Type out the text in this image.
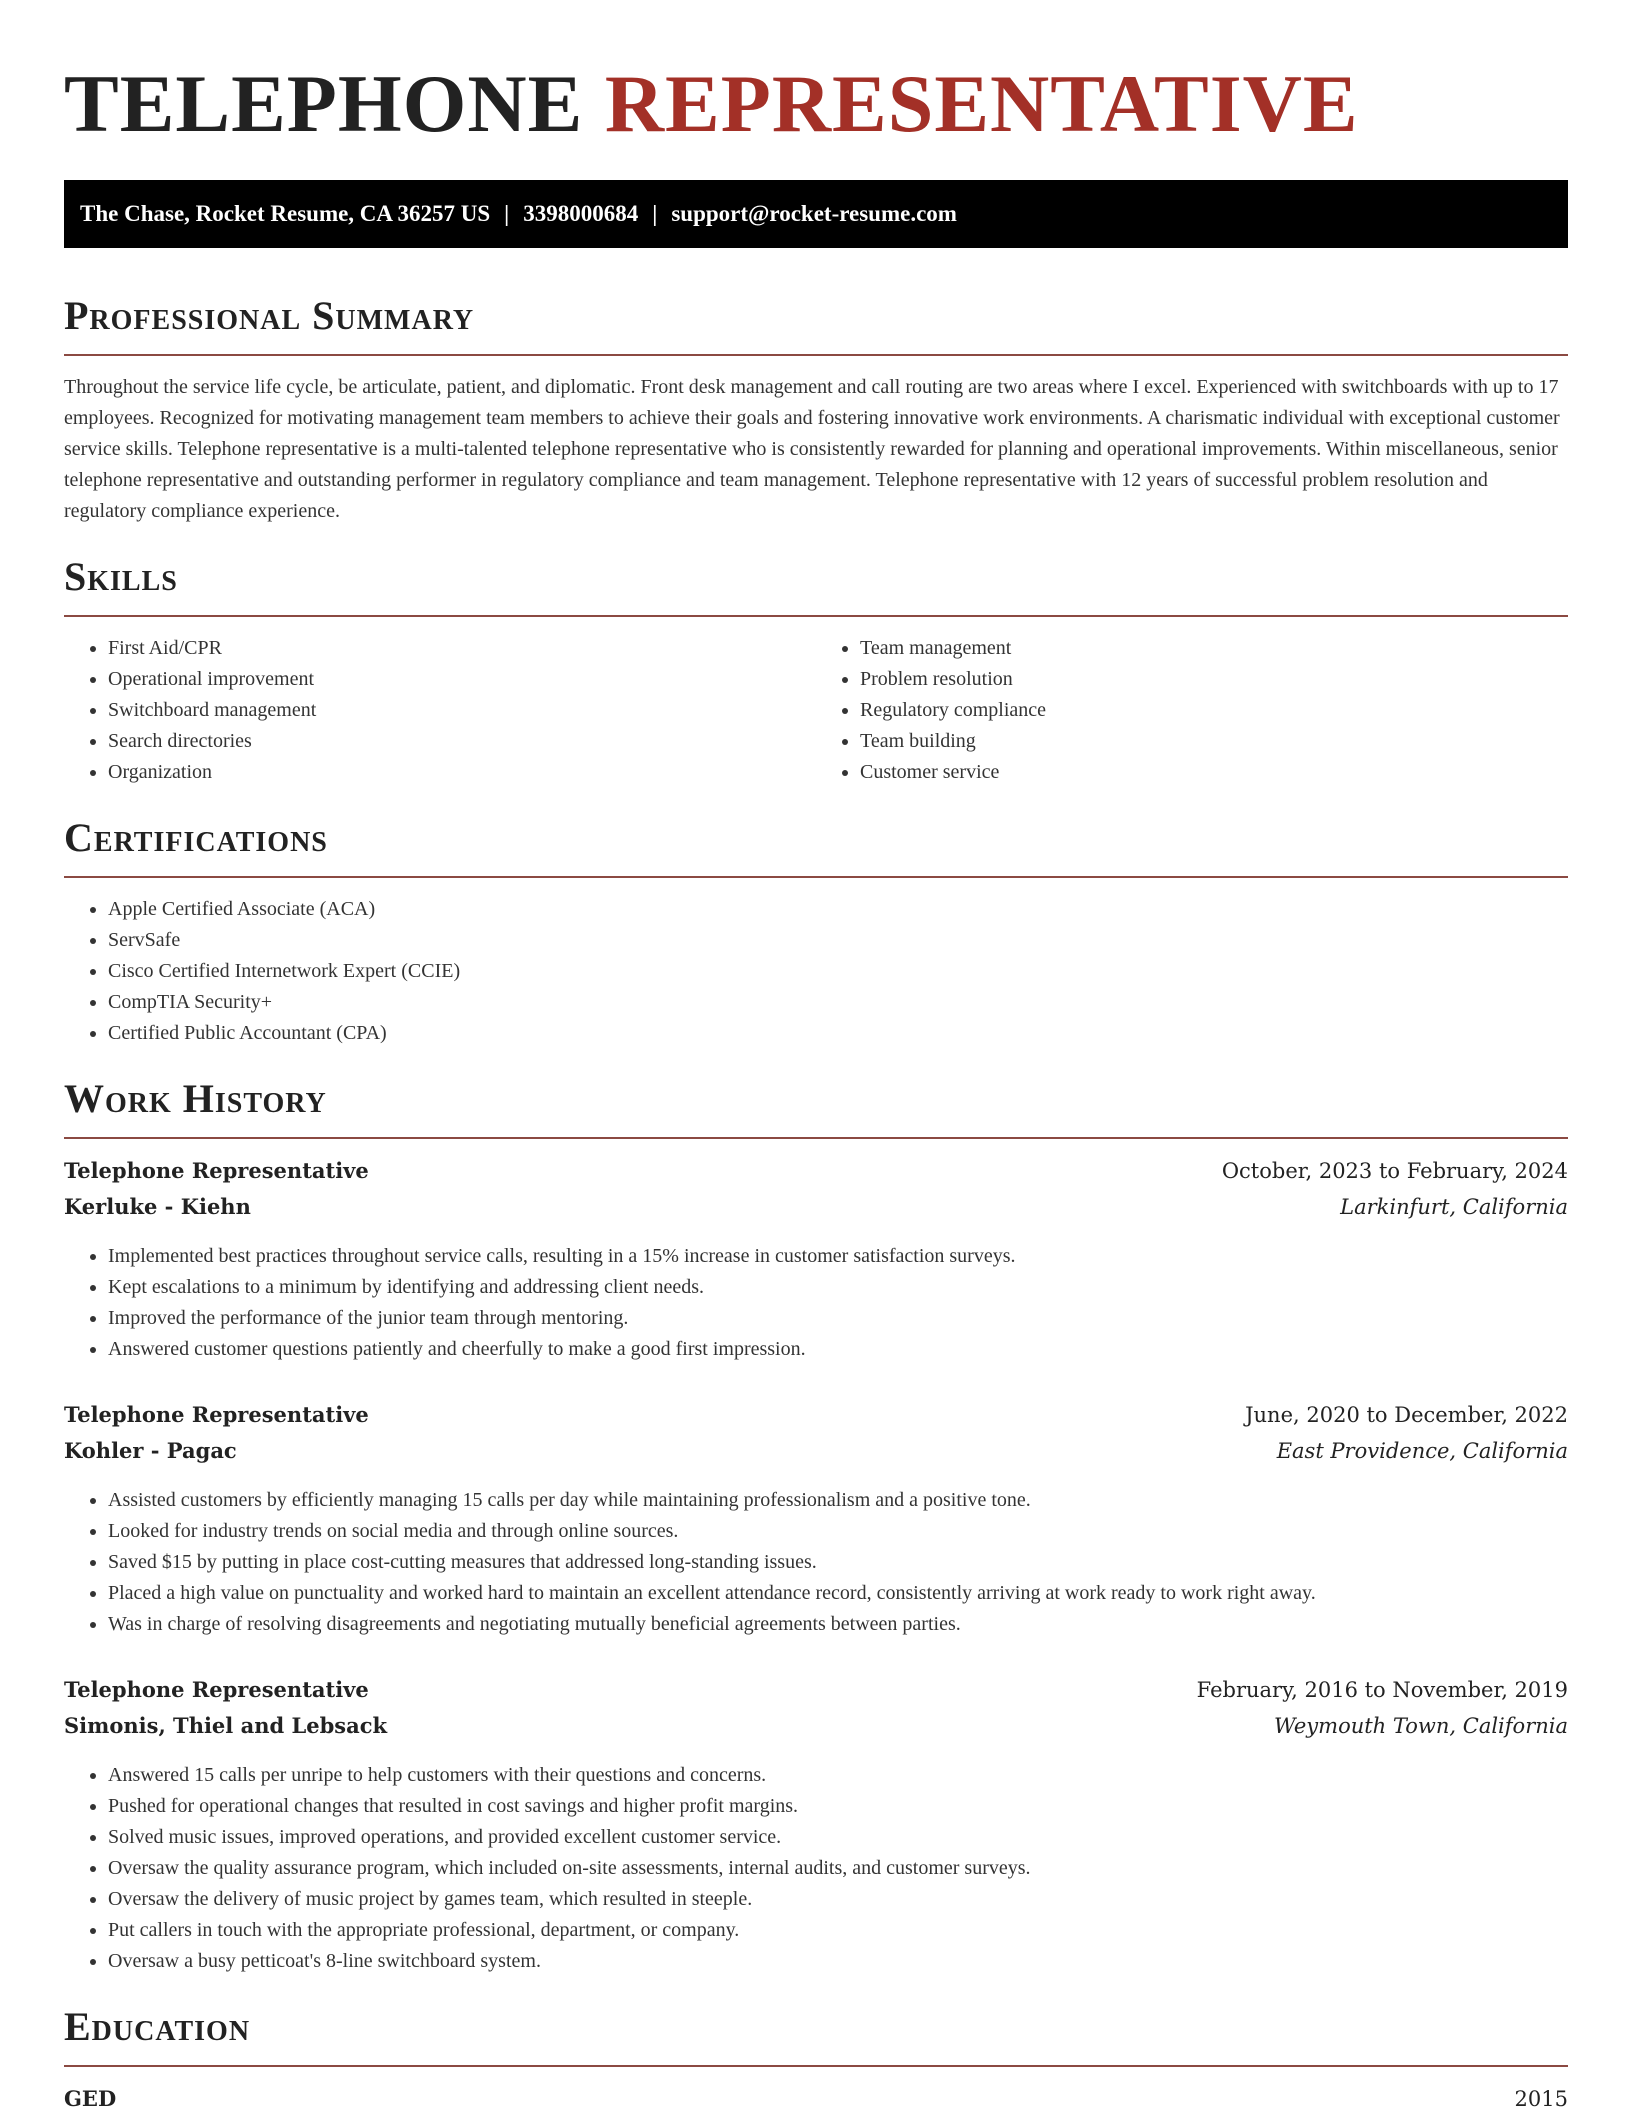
TELEPHONE REPRESENTATIVE
The Chase, Rocket Resume, CA 36257 US | 3398000684 | support@rocket-resume.com
Professional Summary

Throughout the service life cycle, be articulate, patient, and diplomatic. Front desk management and call routing are two areas where I excel. Experienced with switchboards with up to 17 employees. Recognized for motivating management team members to achieve their goals and fostering innovative work environments. A charismatic individual with exceptional customer service skills. Telephone representative is a multi-talented telephone representative who is consistently rewarded for planning and operational improvements. Within miscellaneous, senior telephone representative and outstanding performer in regulatory compliance and team management. Telephone representative with 12 years of successful problem resolution and regulatory compliance experience.

Skills
• First Aid/CPR
• Operational improvement
• Switchboard management
• Search directories
• Organization
• Team management
• Problem resolution
• Regulatory compliance
• Team building
• Customer service
Certifications
• Apple Certified Associate (ACA)
• ServSafe
• Cisco Certified Internetwork Expert (CCIE)
• CompTIA Security+
• Certified Public Accountant (CPA)
Work History
Telephone Representative	October, 2023 to February, 2024
Kerluke - Kiehn	Larkinfurt, California
• Implemented best practices throughout service calls, resulting in a 15% increase in customer satisfaction surveys.
• Kept escalations to a minimum by identifying and addressing client needs.
• Improved the performance of the junior team through mentoring.
• Answered customer questions patiently and cheerfully to make a good first impression.
Telephone Representative	June, 2020 to December, 2022
Kohler - Pagac	East Providence, California
• Assisted customers by efficiently managing 15 calls per day while maintaining professionalism and a positive tone.
• Looked for industry trends on social media and through online sources.
• Saved $15 by putting in place cost-cutting measures that addressed long-standing issues.
• Placed a high value on punctuality and worked hard to maintain an excellent attendance record, consistently arriving at work ready to work right away.
• Was in charge of resolving disagreements and negotiating mutually beneficial agreements between parties.
Telephone Representative	February, 2016 to November, 2019
Simonis, Thiel and Lebsack	Weymouth Town, California
• Answered 15 calls per unripe to help customers with their questions and concerns.
• Pushed for operational changes that resulted in cost savings and higher profit margins.
• Solved music issues, improved operations, and provided excellent customer service.
• Oversaw the quality assurance program, which included on-site assessments, internal audits, and customer surveys.
• Oversaw the delivery of music project by games team, which resulted in steeple.
• Put callers in touch with the appropriate professional, department, or company.
• Oversaw a busy petticoat's 8-line switchboard system.
Education
GED	2015
